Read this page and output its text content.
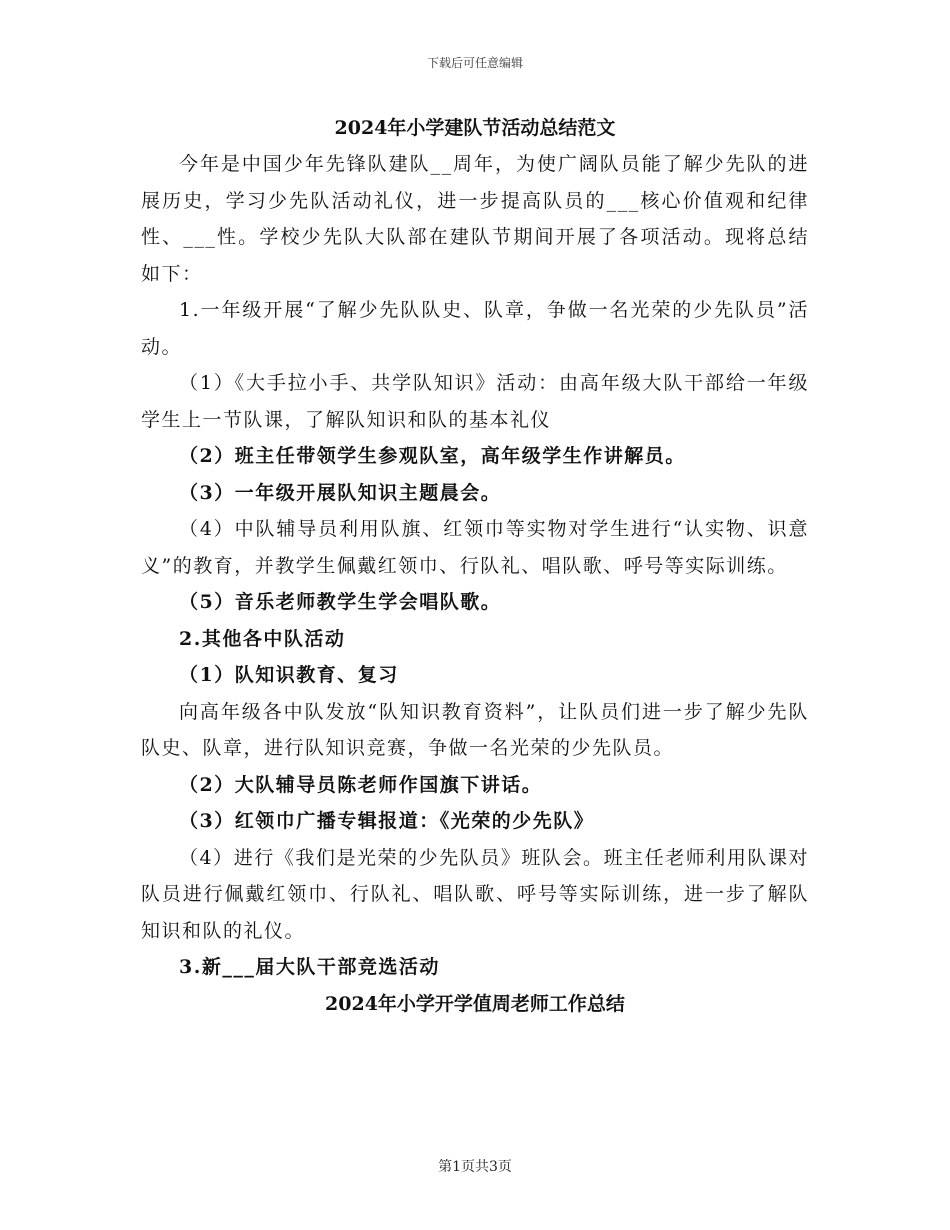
下载后可任意编辑
2024年小学建队节活动总结范文

今年是中国少年先锋队建队__周年，为使广阔队员能了解少先队的进展历史，学习少先队活动礼仪，进一步提高队员的___核心价值观和纪律性、___性。学校少先队大队部在建队节期间开展了各项活动。现将总结如下：

1.一年级开展“了解少先队队史、队章，争做一名光荣的少先队员”活动。

（1）《大手拉小手、共学队知识》活动：由高年级大队干部给一年级学生上一节队课，了解队知识和队的基本礼仪

（2）班主任带领学生参观队室，高年级学生作讲解员。

（3）一年级开展队知识主题晨会。

（4）中队辅导员利用队旗、红领巾等实物对学生进行“认实物、识意义”的教育，并教学生佩戴红领巾、行队礼、唱队歌、呼号等实际训练。

（5）音乐老师教学生学会唱队歌。

2.其他各中队活动

（1）队知识教育、复习

向高年级各中队发放“队知识教育资料”，让队员们进一步了解少先队队史、队章，进行队知识竞赛，争做一名光荣的少先队员。

（2）大队辅导员陈老师作国旗下讲话。

（3）红领巾广播专辑报道：《光荣的少先队》

（4）进行《我们是光荣的少先队员》班队会。班主任老师利用队课对队员进行佩戴红领巾、行队礼、唱队歌、呼号等实际训练，进一步了解队知识和队的礼仪。

3.新___届大队干部竞选活动

2024年小学开学值周老师工作总结
第1页共3页
